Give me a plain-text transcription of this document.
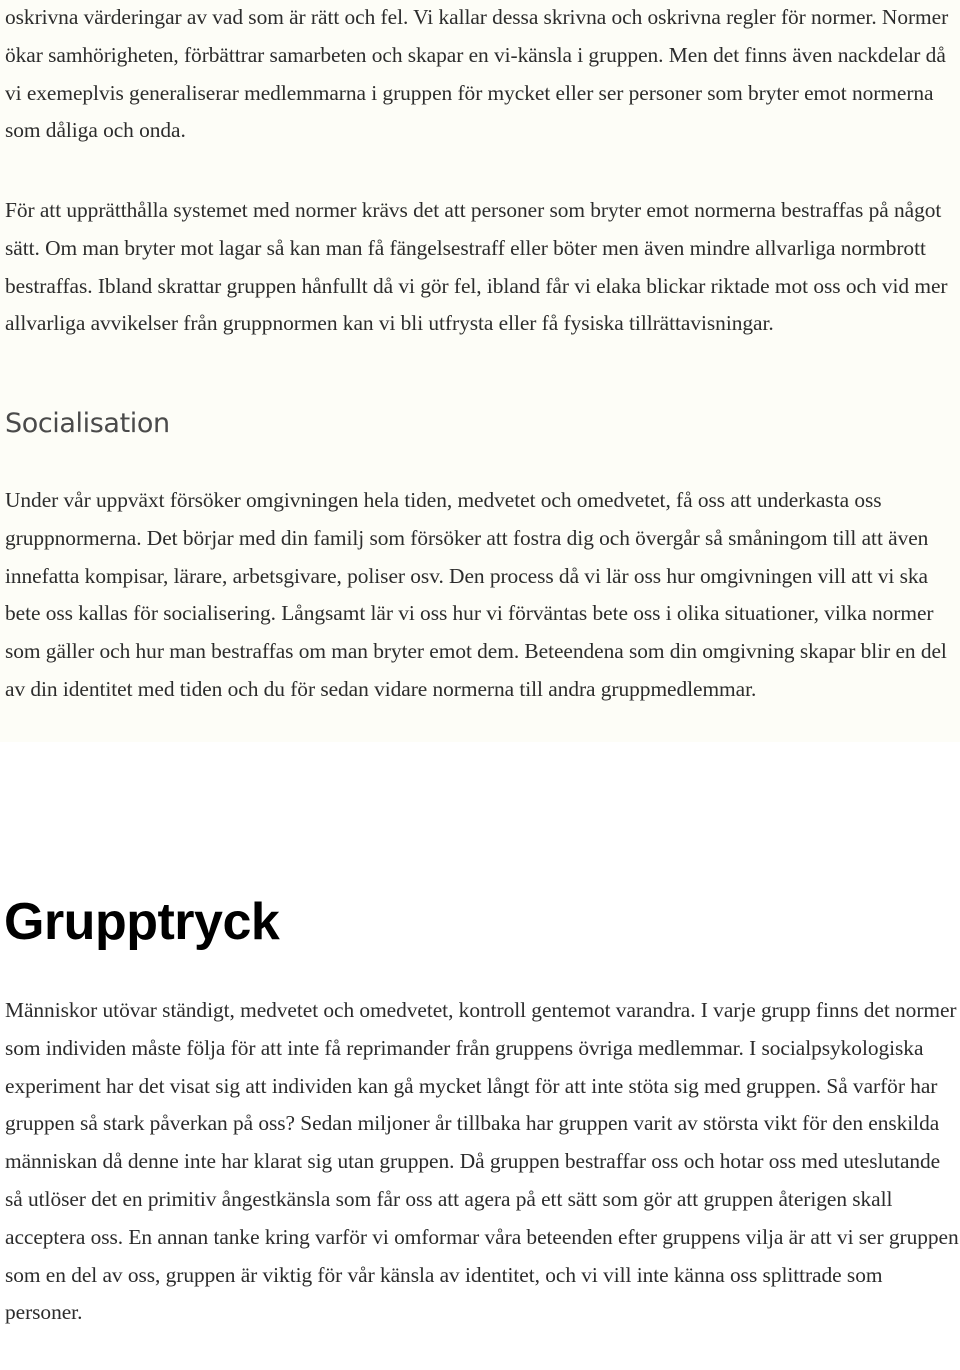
oskrivna värderingar av vad som är rätt och fel. Vi kallar dessa skrivna och oskrivna regler för normer. Normer ökar samhörigheten, förbättrar samarbeten och skapar en vi-känsla i gruppen. Men det finns även nackdelar då vi exemeplvis generaliserar medlemmarna i gruppen för mycket eller ser personer som bryter emot normerna som dåliga och onda.

För att upprätthålla systemet med normer krävs det att personer som bryter emot normerna bestraffas på något sätt. Om man bryter mot lagar så kan man få fängelsestraff eller böter men även mindre allvarliga normbrott bestraffas. Ibland skrattar gruppen hånfullt då vi gör fel, ibland får vi elaka blickar riktade mot oss och vid mer allvarliga avvikelser från gruppnormen kan vi bli utfrysta eller få fysiska tillrättavisningar.

Socialisation

Under vår uppväxt försöker omgivningen hela tiden, medvetet och omedvetet, få oss att underkasta oss gruppnormerna. Det börjar med din familj som försöker att fostra dig och övergår så småningom till att även innefatta kompisar, lärare, arbetsgivare, poliser osv. Den process då vi lär oss hur omgivningen vill att vi ska bete oss kallas för socialisering. Långsamt lär vi oss hur vi förväntas bete oss i olika situationer, vilka normer som gäller och hur man bestraffas om man bryter emot dem. Beteendena som din omgivning skapar blir en del av din identitet med tiden och du för sedan vidare normerna till andra gruppmedlemmar.

Grupptryck

Människor utövar ständigt, medvetet och omedvetet, kontroll gentemot varandra. I varje grupp finns det normer som individen måste följa för att inte få reprimander från gruppens övriga medlemmar. I socialpsykologiska experiment har det visat sig att individen kan gå mycket långt för att inte stöta sig med gruppen. Så varför har gruppen så stark påverkan på oss? Sedan miljoner år tillbaka har gruppen varit av största vikt för den enskilda människan då denne inte har klarat sig utan gruppen. Då gruppen bestraffar oss och hotar oss med uteslutande så utlöser det en primitiv ångestkänsla som får oss att agera på ett sätt som gör att gruppen återigen skall acceptera oss. En annan tanke kring varför vi omformar våra beteenden efter gruppens vilja är att vi ser gruppen som en del av oss, gruppen är viktig för vår känsla av identitet, och vi vill inte känna oss splittrade som personer.
